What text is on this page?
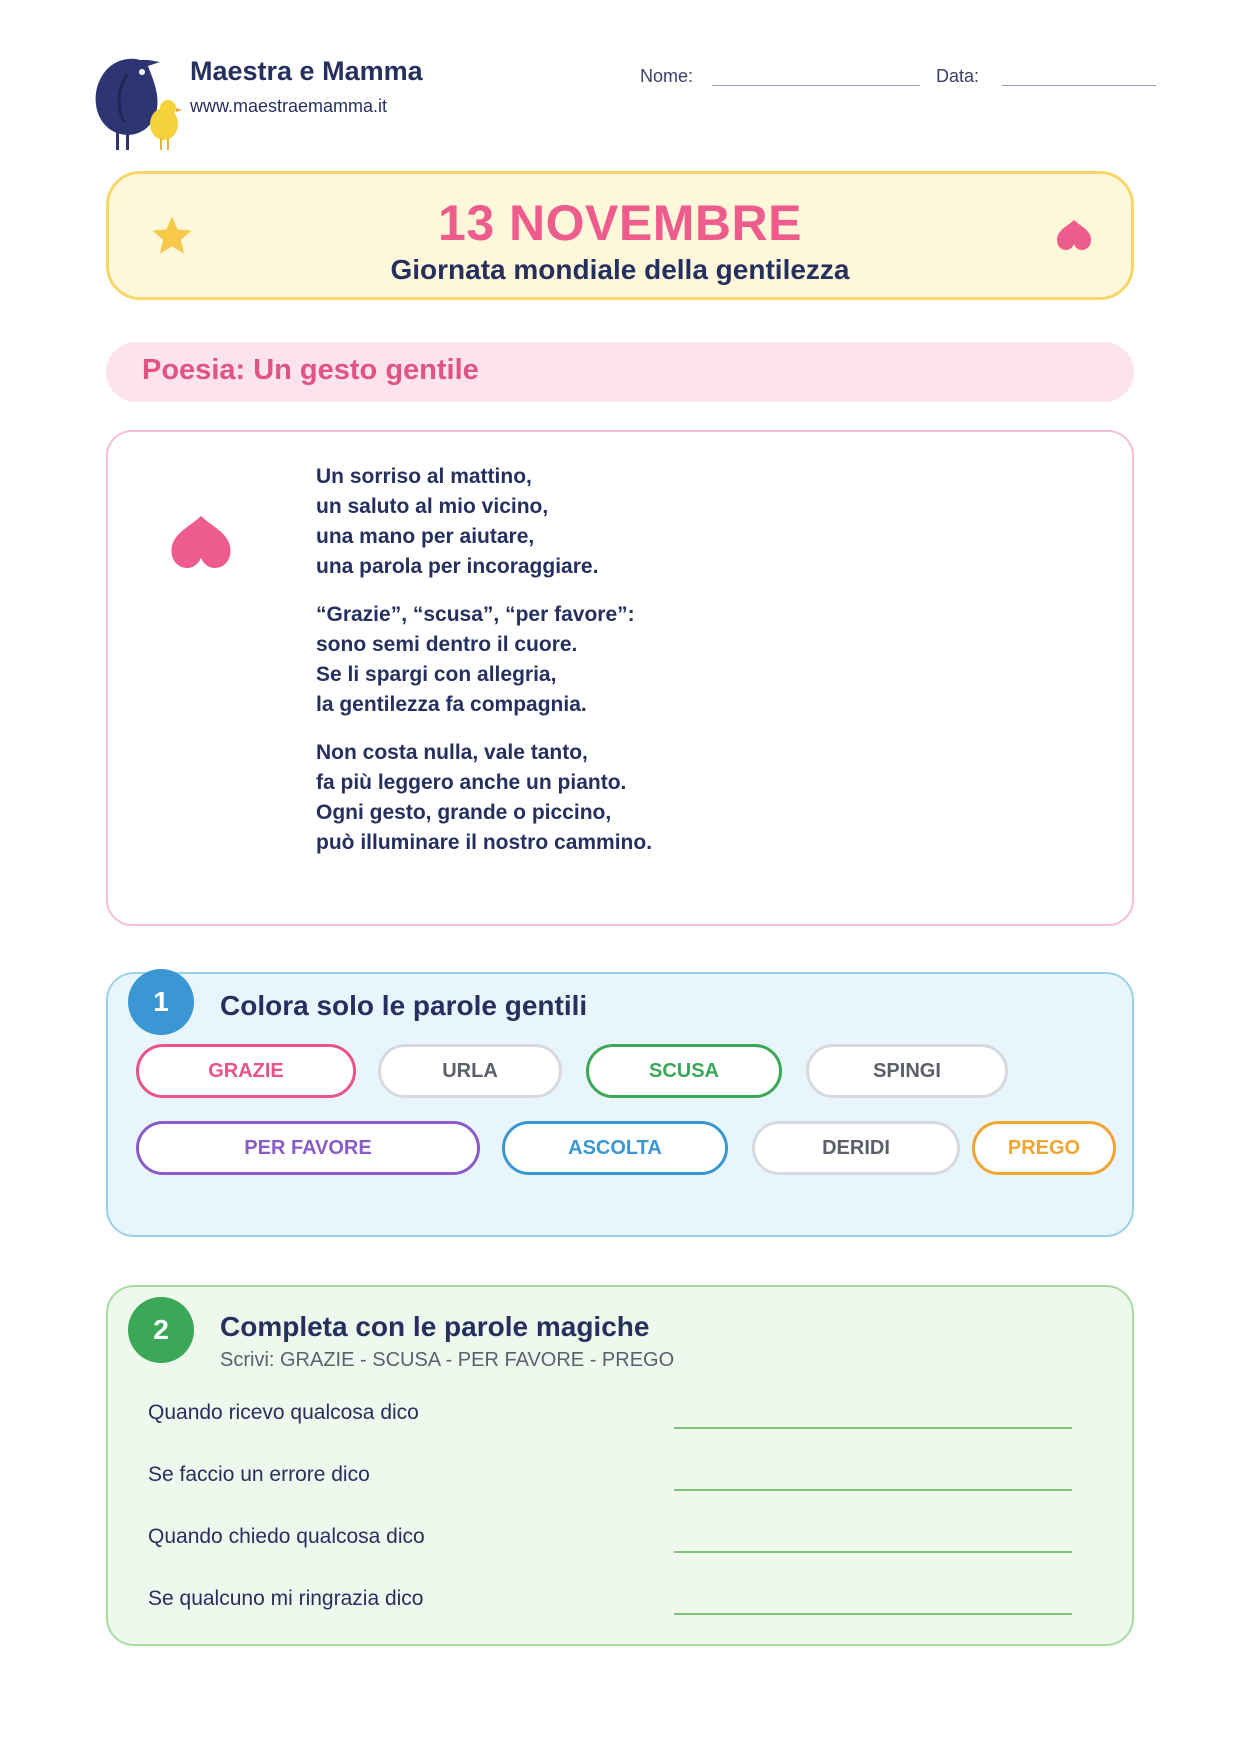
Maestra e Mamma
www.maestraemamma.it
Nome:	Data:
13 NOVEMBRE
Giornata mondiale della gentilezza
Poesia: Un gesto gentile
Un sorriso al mattino,
un saluto al mio vicino,
una mano per aiutare,
una parola per incoraggiare.
“Grazie”, “scusa”, “per favore”:
sono semi dentro il cuore.
Se li spargi con allegria,
la gentilezza fa compagnia.
Non costa nulla, vale tanto,
fa più leggero anche un pianto.
Ogni gesto, grande o piccino,
può illuminare il nostro cammino.
1	Colora solo le parole gentili
GRAZIE	URLA	SCUSA	SPINGI
PER FAVORE	ASCOLTA	DERIDI	PREGO
2	Completa con le parole magiche
Scrivi: GRAZIE - SCUSA - PER FAVORE - PREGO
Quando ricevo qualcosa dico
Se faccio un errore dico
Quando chiedo qualcosa dico
Se qualcuno mi ringrazia dico
